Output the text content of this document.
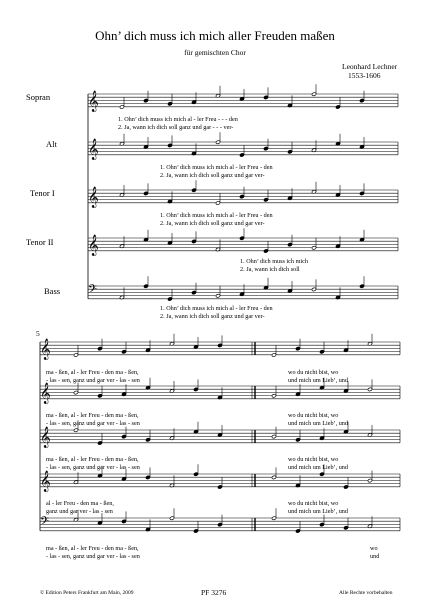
Ohn’ dich muss ich mich aller Freuden maßen
für gemischten Chor
Leonhard Lechner
1553-1606
𝄞
𝄞
𝄞
𝄞
𝄢
𝄞
𝄞
𝄞
𝄞
𝄢
Sopran
Alt
Tenor I
Tenor II
Bass
1. Ohn’ dich muss ich mich al - ler Freu - - - den
2. Ja, wann ich dich soll ganz und gar - - - ver-
1. Ohn’ dich muss ich mich al - ler Freu - den
2. Ja, wann ich dich soll ganz und gar ver-
1. Ohn’ dich muss ich mich al - ler Freu - den
2. Ja, wann ich dich soll ganz und gar ver-
1. Ohn’ dich muss ich mich
2. Ja, wann ich dich soll
1. Ohn’ dich muss ich mich al - ler Freu - den
2. Ja, wann ich dich soll ganz und gar ver-
5
ma - ßen, al - ler Freu - den ma - ßen,
- las - sen, ganz und gar ver - las - sen
ma - ßen, al - ler Freu - den ma - ßen,
- las - sen, ganz und gar ver - las - sen
ma - ßen, al - ler Freu - den ma - ßen,
- las - sen, ganz und gar ver - las - sen
al - ler Freu - den ma - ßen,
ganz und gar ver - las - sen
ma - ßen, al - ler Freu - den ma - ßen,
- las - sen, ganz und gar ver - las - sen
wo du nicht bist, wo
und mich um Lieb’, und
wo du nicht bist, wo
und mich um Lieb’, und
wo du nicht bist, wo
und mich um Lieb’, und
wo du nicht bist, wo
und mich um Lieb’, und
wo
und
© Edition Peters Frankfurt am Main, 2009	PF 3276	Alle Rechte vorbehalten
